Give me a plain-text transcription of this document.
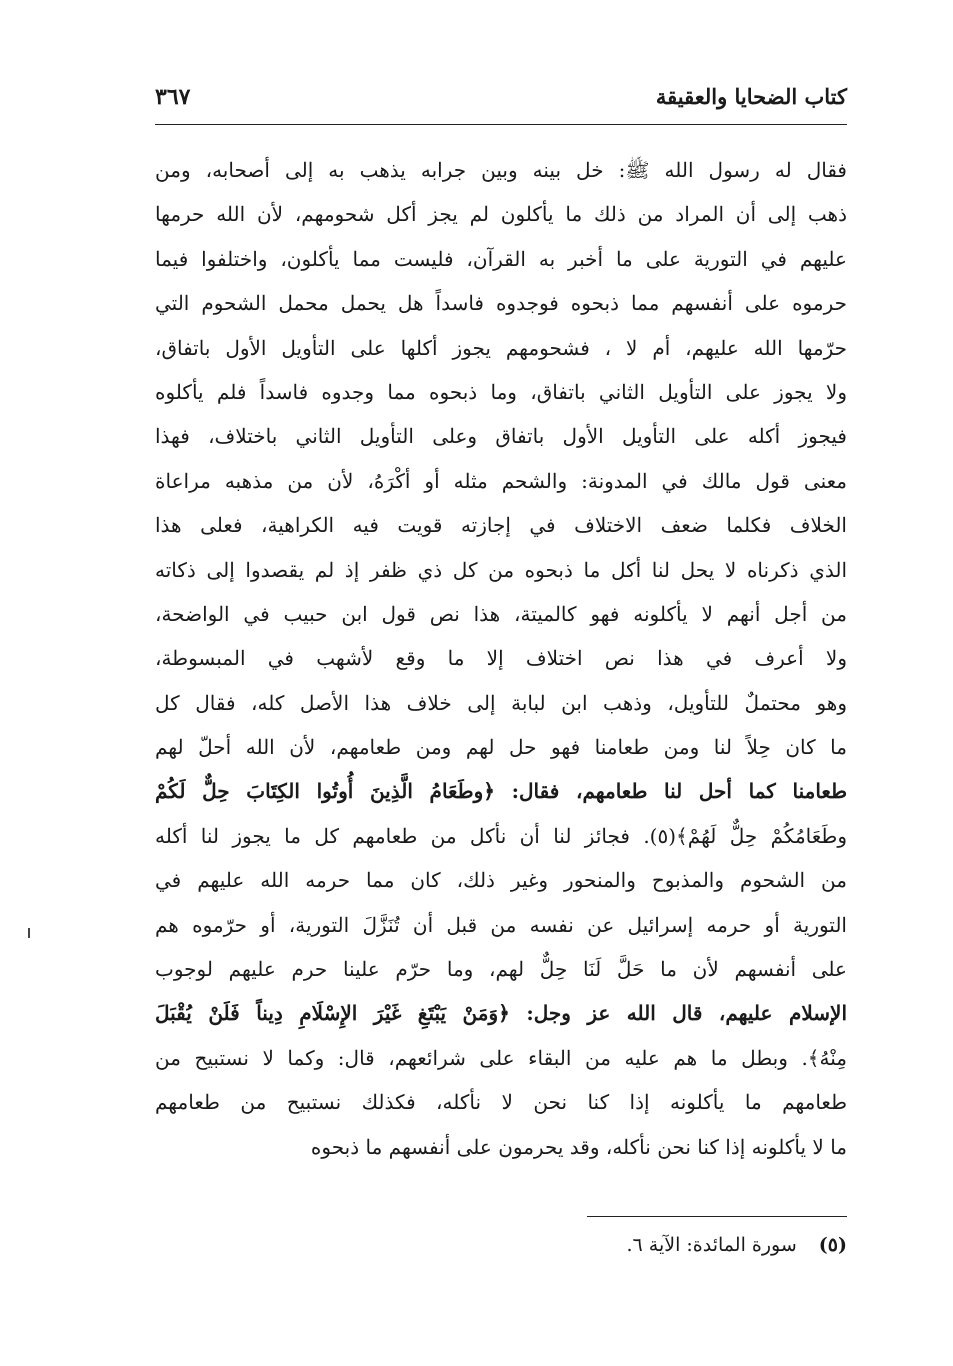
كتاب الضحايا والعقيقة
٣٦٧
فقال له رسول الله ﷺ: خل بينه وبين جرابه يذهب به إلى أصحابه، ومن
ذهب إلى أن المراد من ذلك ما يأكلون لم يجز أكل شحومهم، لأن الله حرمها
عليهم في التورية على ما أخبر به القرآن، فليست مما يأكلون، واختلفوا فيما
حرموه على أنفسهم مما ذبحوه فوجدوه فاسداً هل يحمل محمل الشحوم التي
حرّمها الله عليهم، أم لا ، فشحومهم يجوز أكلها على التأويل الأول باتفاق،
ولا يجوز على التأويل الثاني باتفاق، وما ذبحوه مما وجدوه فاسداً فلم يأكلوه
فيجوز أكله على التأويل الأول باتفاق وعلى التأويل الثاني باختلاف، فهذا
معنى قول مالك في المدونة: والشحم مثله أو أكْرَهُ، لأن من مذهبه مراعاة
الخلاف فكلما ضعف الاختلاف في إجازته قويت فيه الكراهية، فعلى هذا
الذي ذكرناه لا يحل لنا أكل ما ذبحوه من كل ذي ظفر إذ لم يقصدوا إلى ذكاته
من أجل أنهم لا يأكلونه فهو كالميتة، هذا نص قول ابن حبيب في الواضحة،
ولا أعرف في هذا نص اختلاف إلا ما وقع لأشهب في المبسوطة،
وهو محتملٌ للتأويل، وذهب ابن لبابة إلى خلاف هذا الأصل كله، فقال كل
ما كان حِلاً لنا ومن طعامنا فهو حل لهم ومن طعامهم، لأن الله أحلّ لهم
طعامنا كما أحل لنا طعامهم، فقال: ﴿وطَعَامُ الَّذِينَ أُوتُوا الكِتَابَ حِلٌّ لَكُمْ
وطَعَامُكُمْ حِلٌّ لَهُمْ﴾(٥). فجائز لنا أن نأكل من طعامهم كل ما يجوز لنا أكله
من الشحوم والمذبوح والمنحور وغير ذلك، كان مما حرمه الله عليهم في
التورية أو حرمه إسرائيل عن نفسه من قبل أن تُنَزَّلَ التورية، أو حرّموه هم
على أنفسهم لأن ما حَلَّ لَنَا حِلٌّ لهم، وما حرّم علينا حرم عليهم لوجوب
الإسلام عليهم، قال الله عز وجل: ﴿وَمَنْ يَبْتَغِ غَيْرَ الإِسْلَامِ دِيناً فَلَنْ يُقْبَلَ
مِنْهُ﴾. وبطل ما هم عليه من البقاء على شرائعهم، قال: وكما لا نستبيح من
طعامهم ما يأكلونه إذا كنا نحن لا نأكله، فكذلك نستبيح من طعامهم
ما لا يأكلونه إذا كنا نحن نأكله، وقد يحرمون على أنفسهم ما ذبحوه
(٥)سورة المائدة: الآية ٦.
